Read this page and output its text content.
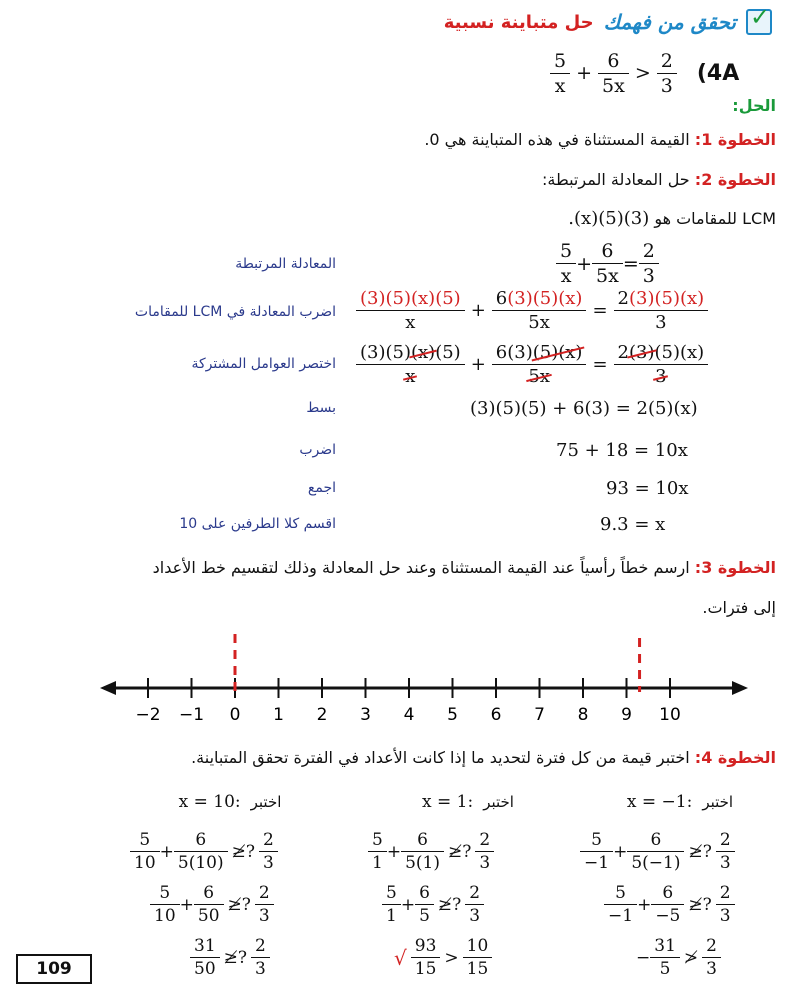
✓
تحقق من فهمك
حل متباينة نسبية
$\frac{5}{x} + \frac{6}{5x} > \frac{2}{3} (4A$
الحل:
الخطوة 1: القيمة المستثناة في هذه المتباينة هي 0.
الخطوة 2: حل المعادلة المرتبطة:
LCM للمقامات هو (3)(5)(x).
المعادلة المرتبطة
اضرب المعادلة في LCM للمقامات
اختصر العوامل المشتركة
بسط
اضرب
اجمع
اقسم كلا الطرفين على 10
$\frac{5}{x} + \frac{6}{5x} = \frac{2}{3}$
$\frac{(3)(5)(x)(5)}{x} + \frac{6(3)(5)(x)}{5x} = \frac{2(3)(5)(x)}{3}$
$\frac{(3)(5)(x)(5)}{x} + \frac{6(3)(5)(x)}{5x} = \frac{2(3)(5)(x)}{3}$
(3)(5)(5) + 6(3) = 2(5)(x)
75 + 18 = 10x
93 = 10x
9.3 = x
الخطوة 3: ارسم خطاً رأسياً عند القيمة المستثناة وعند حل المعادلة وذلك لتقسيم خط الأعداد
إلى فترات.
−2 −1 0 1 2 3 4 5 6 7 8 9 10
الخطوة 4: اختبر قيمة من كل فترة لتحديد ما إذا كانت الأعداد في الفترة تحقق المتباينة.
x = 10: اختبر
$\frac{5}{10} + \frac{6}{5(10)}$ ≱? $\frac{2}{3}$
$\frac{5}{10} + \frac{6}{50}$ ≱? $\frac{2}{3}$
$\frac{31}{50}$ ≱? $\frac{2}{3}$
x = 1: اختبر
$\frac{5}{1} + \frac{6}{5(1)}$ ≱? $\frac{2}{3}$
$\frac{5}{1} + \frac{6}{5}$ ≱? $\frac{2}{3}$
√ $\frac{93}{15} > \frac{10}{15}$
x = −1: اختبر
$\frac{5}{-1} + \frac{6}{5(-1)}$ ≱? $\frac{2}{3}$
$\frac{5}{-1} + \frac{6}{-5}$ ≱? $\frac{2}{3}$
− $\frac{31}{5}$ ≯ $\frac{2}{3}$
109
